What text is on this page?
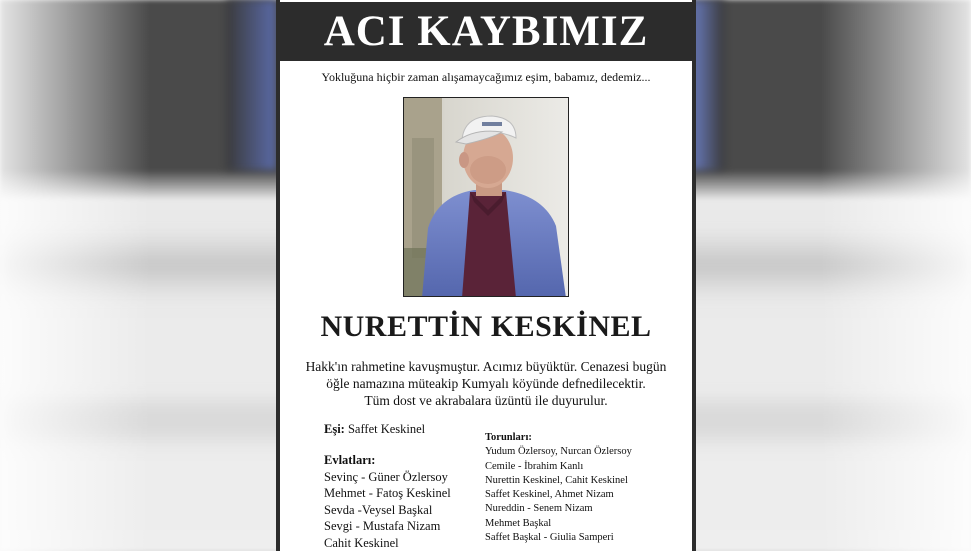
ACI KAYBIMIZ
Yokluğuna hiçbir zaman alışamaycağımız eşim, babamız, dedemiz...
NURETTİN KESKİNEL
Hakk'ın rahmetine kavuşmuştur. Acımız büyüktür. Cenazesi bugün
öğle namazına müteakip Kumyalı köyünde defnedilecektir.
Tüm dost ve akrabalara üzüntü ile duyurulur.
Eşi: Saffet Keskinel
Evlatları:
Sevinç - Güner Özlersoy
Mehmet - Fatoş Keskinel
Sevda -Veysel Başkal
Sevgi - Mustafa Nizam
Cahit Keskinel
Torunları:
Yudum Özlersoy, Nurcan Özlersoy
Cemile - İbrahim Kanlı
Nurettin Keskinel, Cahit Keskinel
Saffet Keskinel, Ahmet Nizam
Nureddin - Senem Nizam
Mehmet Başkal
Saffet Başkal - Giulia Samperi
